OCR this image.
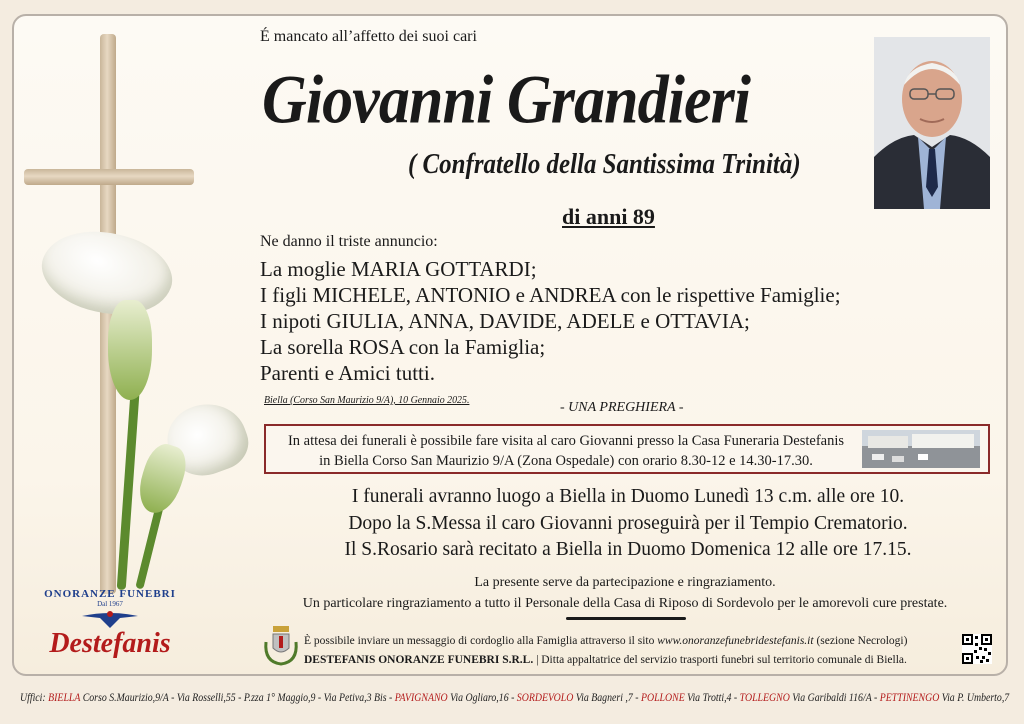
ONORANZE FUNEBRI
Dal 1967
Destefanis
É mancato all’affetto dei suoi cari
Giovanni Grandieri
( Confratello della Santissima Trinità)
di anni 89
Ne danno il triste annuncio:
La moglie MARIA GOTTARDI;
I figli MICHELE, ANTONIO e ANDREA con le rispettive Famiglie;
I nipoti GIULIA, ANNA, DAVIDE, ADELE e OTTAVIA;
La sorella ROSA con la Famiglia;
Parenti e Amici tutti.
Biella (Corso San Maurizio 9/A), 10 Gennaio 2025.	- UNA PREGHIERA -
In attesa dei funerali è possibile fare visita al caro Giovanni presso la Casa Funeraria Destefanis
in Biella Corso San Maurizio 9/A (Zona Ospedale) con orario 8.30-12 e 14.30-17.30.
I funerali avranno luogo a Biella in Duomo Lunedì 13 c.m. alle ore 10.
Dopo la S.Messa il caro Giovanni proseguirà per il Tempio Crematorio.
Il S.Rosario sarà recitato a Biella in Duomo Domenica 12 alle ore 17.15.
La presente serve da partecipazione e ringraziamento.
Un particolare ringraziamento a tutto il Personale della Casa di Riposo di Sordevolo per le amorevoli cure prestate.
È possibile inviare un messaggio di cordoglio alla Famiglia attraverso il sito www.onoranzefunebridestefanis.it (sezione Necrologi)
DESTEFANIS ONORANZE FUNEBRI S.R.L. | Ditta appaltatrice del servizio trasporti funebri sul territorio comunale di Biella.
Uffici: BIELLA Corso S.Maurizio,9/A - Via Rosselli,55 - P.zza 1° Maggio,9 - Via Petiva,3 Bis - PAVIGNANO Via Ogliaro,16 - SORDEVOLO Via Bagneri ,7 - POLLONE Via Trotti,4 - TOLLEGNO Via Garibaldi 116/A - PETTINENGO Via P. Umberto,7
